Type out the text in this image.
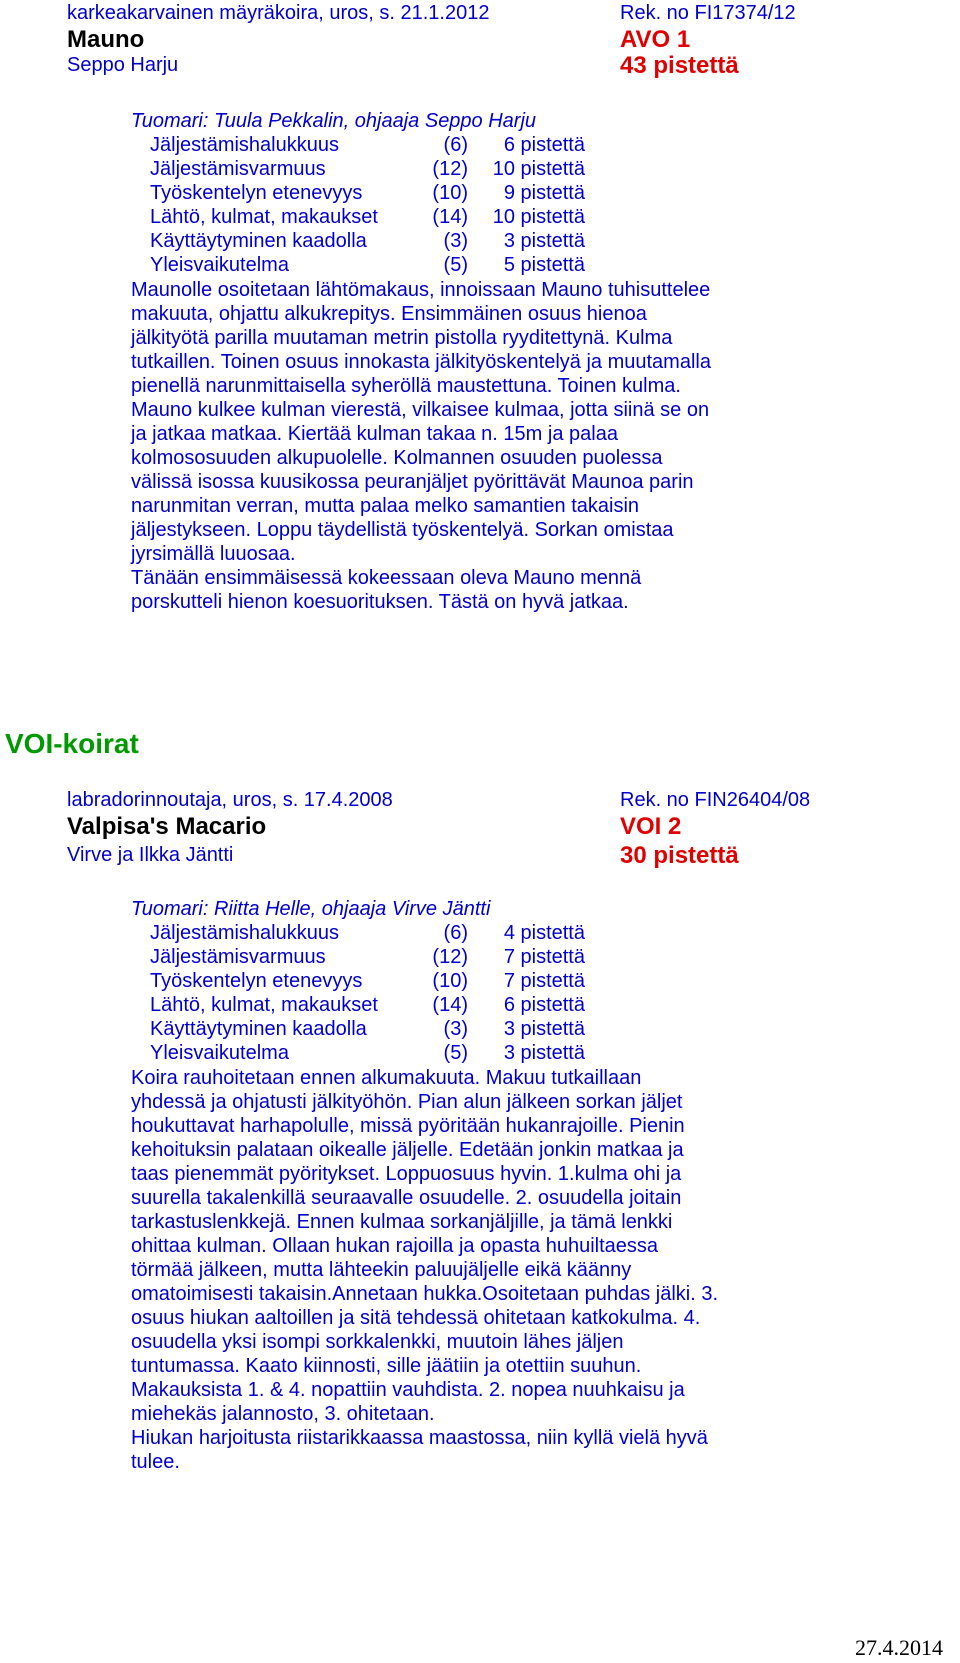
karkeakarvainen mäyräkoira, uros, s. 21.1.2012	Rek. no FI17374/12
Mauno	AVO 1
Seppo Harju	43 pistettä
Tuomari: Tuula Pekkalin, ohjaaja Seppo Harju
Jäljestämishalukkuus	(6)	6 pistettä
Jäljestämisvarmuus	(12)	10 pistettä
Työskentelyn etenevyys	(10)	9 pistettä
Lähtö, kulmat, makaukset	(14)	10 pistettä
Käyttäytyminen kaadolla	(3)	3 pistettä
Yleisvaikutelma	(5)	5 pistettä

Maunolle osoitetaan lähtömakaus, innoissaan Mauno tuhisuttelee

makuuta, ohjattu alkukrepitys. Ensimmäinen osuus hienoa

jälkityötä parilla muutaman metrin pistolla ryyditettynä. Kulma

tutkaillen. Toinen osuus innokasta jälkityöskentelyä ja muutamalla

pienellä narunmittaisella syheröllä maustettuna. Toinen kulma.

Mauno kulkee kulman vierestä, vilkaisee kulmaa, jotta siinä se on

ja jatkaa matkaa. Kiertää kulman takaa n. 15m ja palaa

kolmososuuden alkupuolelle. Kolmannen osuuden puolessa

välissä isossa kuusikossa peuranjäljet pyörittävät Maunoa parin

narunmitan verran, mutta palaa melko samantien takaisin

jäljestykseen. Loppu täydellistä työskentelyä. Sorkan omistaa

jyrsimällä luuosaa.

Tänään ensimmäisessä kokeessaan oleva Mauno mennä

porskutteli hienon koesuorituksen. Tästä on hyvä jatkaa.

VOI-koirat
labradorinnoutaja, uros, s. 17.4.2008	Rek. no FIN26404/08
Valpisa's Macario	VOI 2
Virve ja Ilkka Jäntti	30 pistettä
Tuomari: Riitta Helle, ohjaaja Virve Jäntti
Jäljestämishalukkuus	(6)	4 pistettä
Jäljestämisvarmuus	(12)	7 pistettä
Työskentelyn etenevyys	(10)	7 pistettä
Lähtö, kulmat, makaukset	(14)	6 pistettä
Käyttäytyminen kaadolla	(3)	3 pistettä
Yleisvaikutelma	(5)	3 pistettä

Koira rauhoitetaan ennen alkumakuuta. Makuu tutkaillaan

yhdessä ja ohjatusti jälkityöhön. Pian alun jälkeen sorkan jäljet

houkuttavat harhapolulle, missä pyöritään hukanrajoille. Pienin

kehoituksin palataan oikealle jäljelle. Edetään jonkin matkaa ja

taas pienemmät pyöritykset. Loppuosuus hyvin. 1.kulma ohi ja

suurella takalenkillä seuraavalle osuudelle. 2. osuudella joitain

tarkastuslenkkejä. Ennen kulmaa sorkanjäljille, ja tämä lenkki

ohittaa kulman. Ollaan hukan rajoilla ja opasta huhuiltaessa

törmää jälkeen, mutta lähteekin paluujäljelle eikä käänny

omatoimisesti takaisin.Annetaan hukka.Osoitetaan puhdas jälki. 3.

osuus hiukan aaltoillen ja sitä tehdessä ohitetaan katkokulma. 4.

osuudella yksi isompi sorkkalenkki, muutoin lähes jäljen

tuntumassa. Kaato kiinnosti, sille jäätiin ja otettiin suuhun.

Makauksista 1. & 4. nopattiin vauhdista. 2. nopea nuuhkaisu ja

miehekäs jalannosto, 3. ohitetaan.

Hiukan harjoitusta riistarikkaassa maastossa, niin kyllä vielä hyvä

tulee.

27.4.2014
